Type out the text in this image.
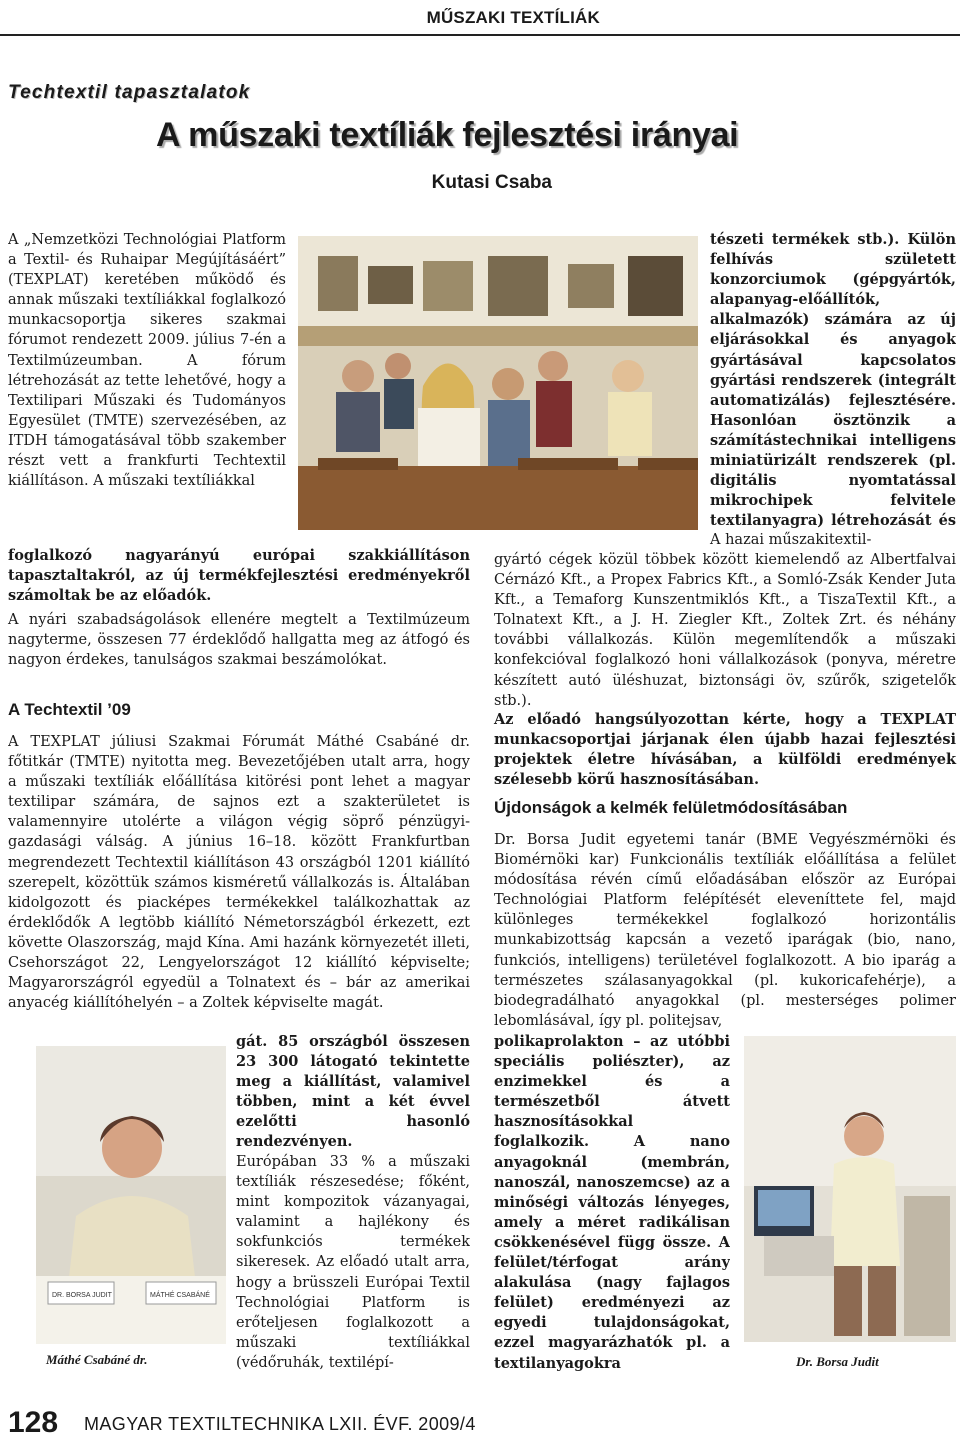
MŰSZAKI TEXTÍLIÁK
Techtextil tapasztalatok
A műszaki textíliák fejlesztési irányai
Kutasi Csaba

A „Nemzetközi Technológiai Platform a Textil- és Ruhaipar Megújításáért” (TEXPLAT) keretében működő és annak műszaki textíliákkal foglalkozó munkacsoportja sikeres szakmai fórumot rendezett 2009. július 7-én a Textilmúzeumban. A fórum létrehozását az tette lehetővé, hogy a Textilipari Műszaki és Tudományos Egyesület (TMTE) szervezésében, az ITDH támogatásával több szakember részt vett a frankfurti Techtextil kiállításon. A műszaki textíliákkal

foglalkozó nagyarányú európai szakkiállításon tapasztaltakról, az új termékfejlesztési eredményekről számoltak be az előadók.

A nyári szabadságolások ellenére megtelt a Textilmúzeum nagyterme, összesen 77 érdeklődő hallgatta meg az átfogó és nagyon érdekes, tanulságos szakmai beszámolókat.

A Techtextil ’09

A TEXPLAT júliusi Szakmai Fórumát Máthé Csabáné dr. főtitkár (TMTE) nyitotta meg. Bevezetőjében utalt arra, hogy a műszaki textíliák előállítása kitörési pont lehet a magyar textilipar számára, de sajnos ezt a szakterületet is valamennyire utolérte a világon végig söprő pénzügyi-gazdasági válság. A június 16–18. között Frankfurtban megrendezett Techtextil kiállításon 43 országból 1201 kiállító szerepelt, közöttük számos kisméretű vállalkozás is. Általában kidolgozott és piacképes termékekkel találkozhattak az érdeklődők A legtöbb kiállító Németországból érkezett, ezt követte Olaszország, majd Kína. Ami hazánk környezetét illeti, Csehországot 22, Lengyelországot 12 kiállító képviselte; Magyarországról egyedül a Tolnatext és – bár az amerikai anyacég kiállítóhelyén – a Zoltek képviselte magát.

DR. BORSA JUDIT	MÁTHÉ CSABÁNÉ
Máthé Csabáné dr.

gát. 85 országból összesen 23 300 látogató tekintette meg a kiállítást, valamivel többen, mint a két évvel ezelőtti hasonló rendezvényen.

Európában 33 % a műszaki textíliák részesedése; főként, mint kompozitok vázanyagai, valamint a hajlékony és sokfunkciós termékek sikeresek. Az előadó utalt arra, hogy a brüsszeli Európai Textil Technológiai Platform is erőteljesen foglalkozott a műszaki textíliákkal (védőruhák, textilépí-

tészeti termékek stb.). Külön felhívás született konzorciumok (gépgyártók, alapanyag-előállítók, alkalmazók) számára az új eljárásokkal és anyagok gyártásával kapcsolatos gyártási rendszerek (integrált automatizálás) fejlesztésére. Hasonlóan ösztönzik a számítástechnikai intelligens miniatürizált rendszerek (pl. digitális nyomtatással mikrochipek felvitele textilanyagra) létrehozását és

A hazai műszakitextil-

gyártó cégek közül többek között kiemelendő az Albertfalvai Cérnázó Kft., a Propex Fabrics Kft., a Somló-Zsák Kender Juta Kft., a Temaforg Kunszentmiklós Kft., a TiszaTextil Kft., a Tolnatext Kft., a J. H. Ziegler Kft., Zoltek Zrt. és néhány további vállalkozás. Külön megemlítendők a műszaki konfekcióval foglalkozó honi vállalkozások (ponyva, méretre készített autó üléshuzat, biztonsági öv, szűrők, szigetelők stb.).

Az előadó hangsúlyozottan kérte, hogy a TEXPLAT munkacsoportjai járjanak élen újabb hazai fejlesztési projektek életre hívásában, a külföldi eredmények szélesebb körű hasznosításában.

Újdonságok a kelmék felületmódosításában

Dr. Borsa Judit egyetemi tanár (BME Vegyészmérnöki és Biomérnöki kar) Funkcionális textíliák előállítása a felület módosítása révén című előadásában először az Európai Technológiai Platform felépítését eleveníttete fel, majd különleges termékekkel foglalkozó horizontális munkabizottság kapcsán a vezető iparágak (bio, nano, funkciós, intelligens) területével foglalkozott. A bio iparág a természetes szálasanyagokkal (pl. kukoricafehérje), a biodegradálható anyagokkal (pl. mesterséges polimer lebomlásával, így pl. politejsav,

polikaprolakton – az utóbbi speciális poliészter), az enzimekkel és a természetből átvett hasznosításokkal foglalkozik. A nano anyagoknál (membrán, nanoszál, nanoszemcse) az a minőségi változás lényeges, amely a méret radikálisan csökkenésével függ össze. A felület/térfogat arány alakulása (nagy fajlagos felület) eredményezi az egyedi tulajdonságokat, ezzel magyarázhatók pl. a textilanyagokra	Dr. Borsa Judit
128 MAGYAR TEXTILTECHNIKA LXII. ÉVF. 2009/4
